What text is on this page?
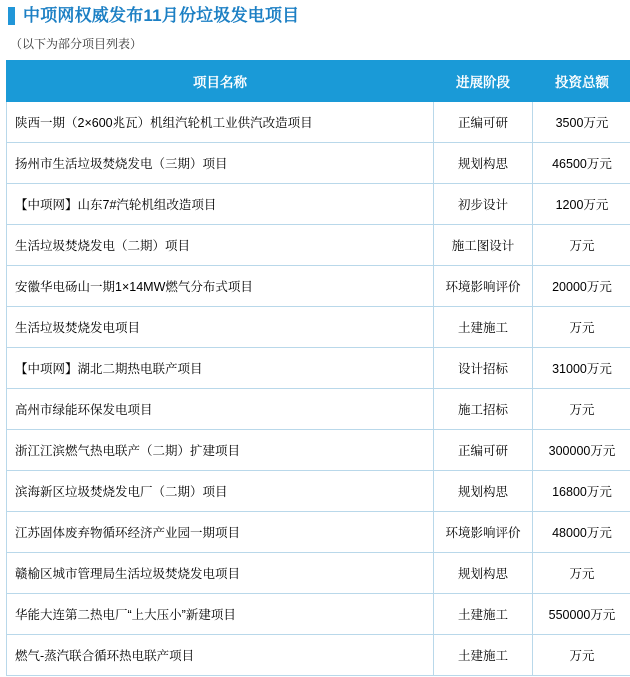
中项网权威发布11月份垃圾发电项目
（以下为部分项目列表）
项目名称	进展阶段	投资总额
陕西一期（2×600兆瓦）机组汽轮机工业供汽改造项目	正编可研	3500万元
扬州市生活垃圾焚烧发电（三期）项目	规划构思	46500万元
【中项网】山东7#汽轮机组改造项目	初步设计	1200万元
生活垃圾焚烧发电（二期）项目	施工图设计	万元
安徽华电砀山一期1×14MW燃气分布式项目	环境影响评价	20000万元
生活垃圾焚烧发电项目	土建施工	万元
【中项网】湖北二期热电联产项目	设计招标	31000万元
高州市绿能环保发电项目	施工招标	万元
浙江江滨燃气热电联产（二期）扩建项目	正编可研	300000万元
滨海新区垃圾焚烧发电厂（二期）项目	规划构思	16800万元
江苏固体废弃物循环经济产业园一期项目	环境影响评价	48000万元
赣榆区城市管理局生活垃圾焚烧发电项目	规划构思	万元
华能大连第二热电厂“上大压小”新建项目	土建施工	550000万元
燃气-蒸汽联合循环热电联产项目	土建施工	万元
